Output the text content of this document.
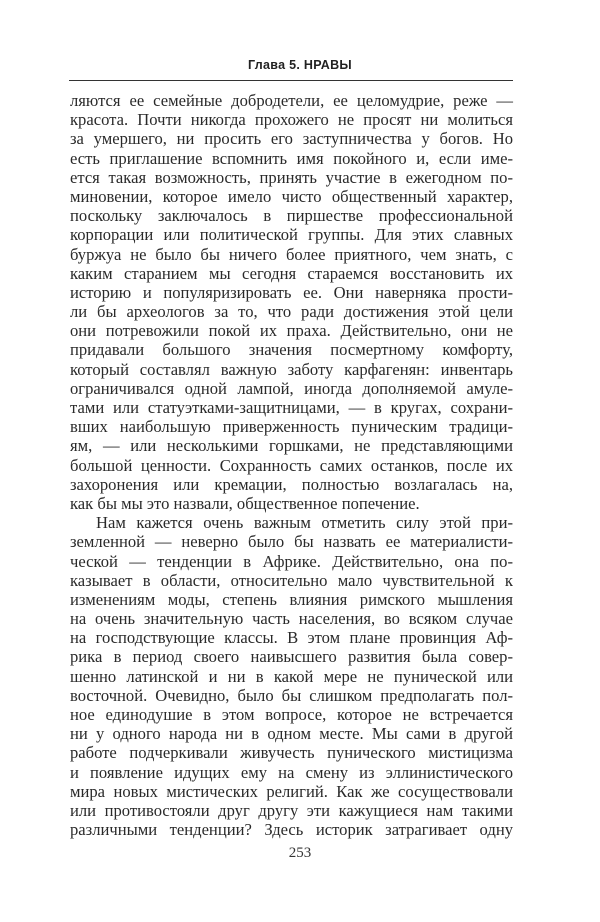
Глава 5. НРАВЫ
ляются ее семейные добродетели, ее целомудрие, реже —
красота. Почти никогда прохожего не просят ни молиться
за умершего, ни просить его заступничества у богов. Но
есть приглашение вспомнить имя покойного и, если име-
ется такая возможность, принять участие в ежегодном по-
миновении, которое имело чисто общественный характер,
поскольку заключалось в пиршестве профессиональной
корпорации или политической группы. Для этих славных
буржуа не было бы ничего более приятного, чем знать, с
каким старанием мы сегодня стараемся восстановить их
историю и популяризировать ее. Они наверняка прости-
ли бы археологов за то, что ради достижения этой цели
они потревожили покой их праха. Действительно, они не
придавали большого значения посмертному комфорту,
который составлял важную заботу карфагенян: инвентарь
ограничивался одной лампой, иногда дополняемой амуле-
тами или статуэтками-защитницами, — в кругах, сохрани-
вших наибольшую приверженность пуническим традици-
ям, — или несколькими горшками, не представляющими
большой ценности. Сохранность самих останков, после их
захоронения или кремации, полностью возлагалась на,
как бы мы это назвали, общественное попечение.
Нам кажется очень важным отметить силу этой при-
земленной — неверно было бы назвать ее материалисти-
ческой — тенденции в Африке. Действительно, она по-
казывает в области, относительно мало чувствительной к
изменениям моды, степень влияния римского мышления
на очень значительную часть населения, во всяком случае
на господствующие классы. В этом плане провинция Аф-
рика в период своего наивысшего развития была совер-
шенно латинской и ни в какой мере не пунической или
восточной. Очевидно, было бы слишком предполагать пол-
ное единодушие в этом вопросе, которое не встречается
ни у одного народа ни в одном месте. Мы сами в другой
работе подчеркивали живучесть пунического мистицизма
и появление идущих ему на смену из эллинистического
мира новых мистических религий. Как же сосуществовали
или противостояли друг другу эти кажущиеся нам такими
различными тенденции? Здесь историк затрагивает одну
253
